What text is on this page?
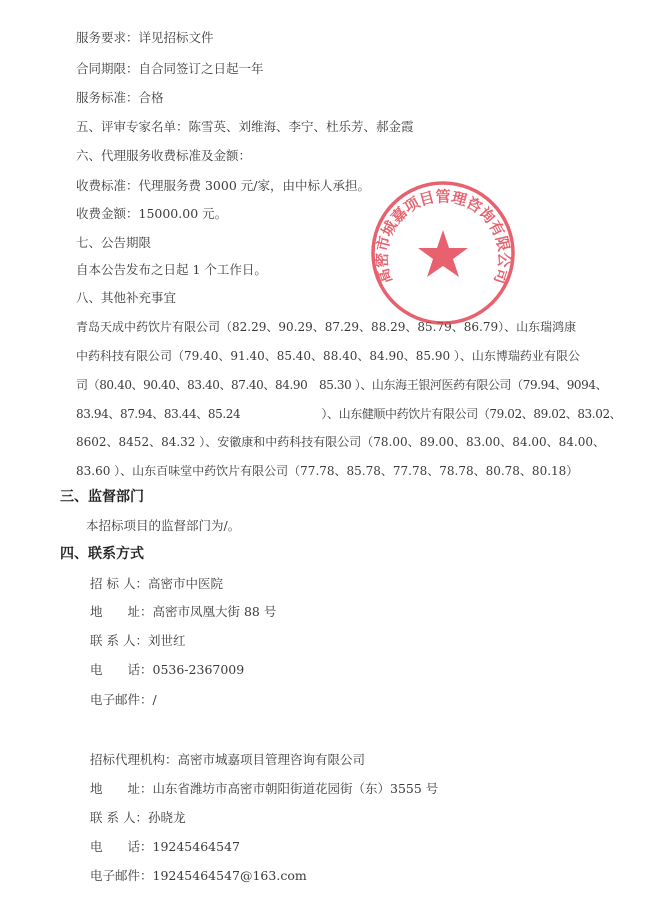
服务要求：详见招标文件
合同期限：自合同签订之日起一年
服务标准：合格
五、评审专家名单：陈雪英、刘维海、李宁、杜乐芳、郝金霞
六、代理服务收费标准及金额：
收费标准：代理服务费 3000 元/家，由中标人承担。
收费金额：15000.00 元。
七、公告期限
自本公告发布之日起 1 个工作日。
八、其他补充事宜
青岛天成中药饮片有限公司（82.29、90.29、87.29、88.29、85.79、86.79）、山东瑞鸿康
中药科技有限公司（79.40、91.40、85.40、88.40、84.90、85.90 ）、山东博瑞药业有限公
司（80.40、90.40、83.40、87.40、84.90　85.30 ）、山东海王银河医药有限公司（79.94、9094、
83.94、87.94、83.44、85.24　　　　　　　）、山东健顺中药饮片有限公司（79.02、89.02、83.02、
8602、8452、84.32 ）、安徽康和中药科技有限公司（78.00、89.00、83.00、84.00、84.00、
83.60 ）、山东百味堂中药饮片有限公司（77.78、85.78、77.78、78.78、80.78、80.18）
三、监督部门
本招标项目的监督部门为/。
四、联系方式
招 标 人：高密市中医院
地　　址：高密市凤凰大街 88 号
联 系 人：刘世红
电　　话：0536-2367009
电子邮件：/
招标代理机构：高密市城嘉项目管理咨询有限公司
地　　址：山东省潍坊市高密市朝阳街道花园街（东）3555 号
联 系 人：孙晓龙
电　　话：19245464547
电子邮件：19245464547@163.com
高密市城嘉项目管理咨询有限公司
